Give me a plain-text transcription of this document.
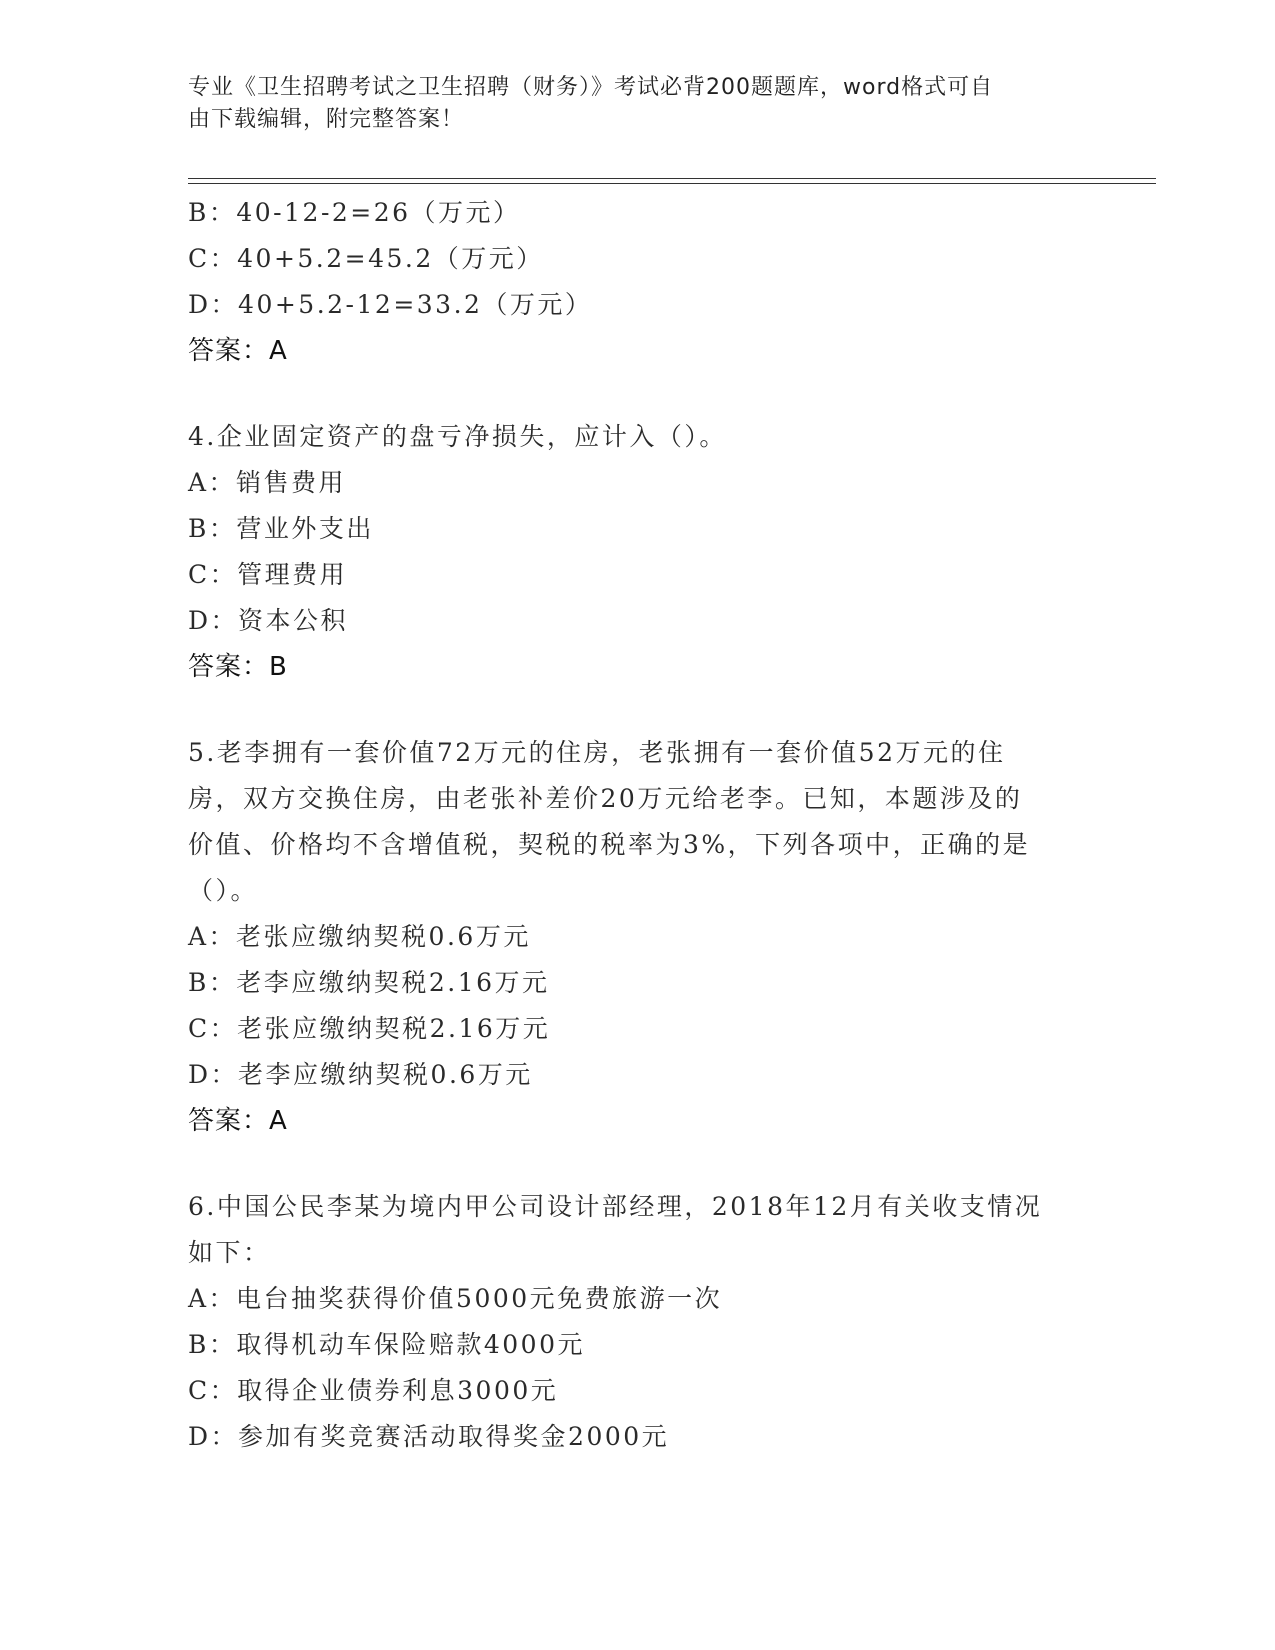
专业《卫生招聘考试之卫生招聘（财务）》考试必背200题题库，word格式可自
由下载编辑，附完整答案！
B：40-12-2=26（万元）
C：40+5.2=45.2（万元）
D：40+5.2-12=33.2（万元）
答案：A
4.企业固定资产的盘亏净损失，应计入（）。
A：销售费用
B：营业外支出
C：管理费用
D：资本公积
答案：B
5.老李拥有一套价值72万元的住房，老张拥有一套价值52万元的住
房，双方交换住房，由老张补差价20万元给老李。已知，本题涉及的
价值、价格均不含增值税，契税的税率为3%，下列各项中，正确的是
（）。
A：老张应缴纳契税0.6万元
B：老李应缴纳契税2.16万元
C：老张应缴纳契税2.16万元
D：老李应缴纳契税0.6万元
答案：A
6.中国公民李某为境内甲公司设计部经理，2018年12月有关收支情况
如下：
A：电台抽奖获得价值5000元免费旅游一次
B：取得机动车保险赔款4000元
C：取得企业债券利息3000元
D：参加有奖竞赛活动取得奖金2000元
